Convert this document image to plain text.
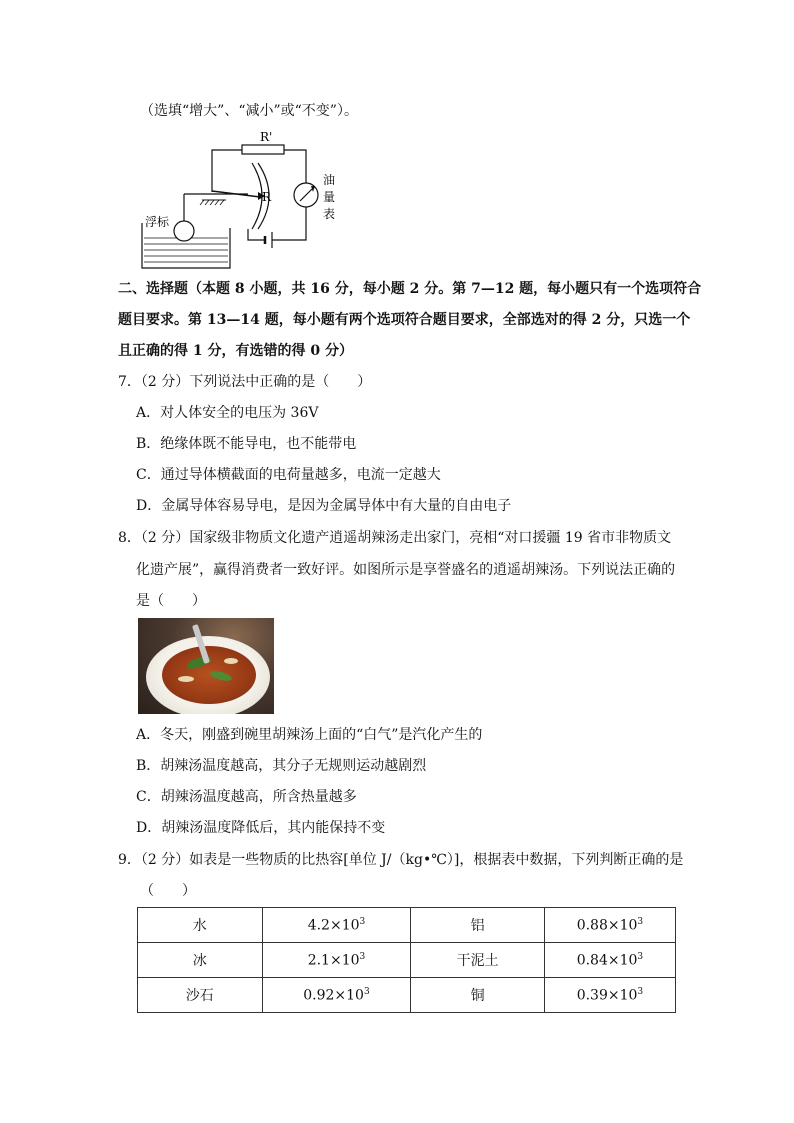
（选填“增大”、“减小”或“不变”）。
浮标
R
R'
油
量
表
二、选择题（本题 8 小题，共 16 分，每小题 2 分。第 7—12 题，每小题只有一个选项符合
题目要求。第 13—14 题，每小题有两个选项符合题目要求，全部选对的得 2 分，只选一个
且正确的得 1 分，有选错的得 0 分）
7．（2 分）下列说法中正确的是（　　）
A．对人体安全的电压为 36V
B．绝缘体既不能导电，也不能带电
C．通过导体横截面的电荷量越多，电流一定越大
D．金属导体容易导电，是因为金属导体中有大量的自由电子
8．（2 分）国家级非物质文化遗产逍遥胡辣汤走出家门，亮相“对口援疆 19 省市非物质文
化遗产展”，赢得消费者一致好评。如图所示是享誉盛名的逍遥胡辣汤。下列说法正确的
是（　　）
A．冬天，刚盛到碗里胡辣汤上面的“白气”是汽化产生的
B．胡辣汤温度越高，其分子无规则运动越剧烈
C．胡辣汤温度越高，所含热量越多
D．胡辣汤温度降低后，其内能保持不变
9．（2 分）如表是一些物质的比热容[单位 J/（kg•℃）]，根据表中数据，下列判断正确的是
（　　）
水	$4.2\times 10^3$	铝	$0.88\times 10^3$
冰	$2.1\times 10^3$	干泥土	$0.84\times 10^3$
沙石	$0.92\times 10^3$	铜	$0.39\times 10^3$
